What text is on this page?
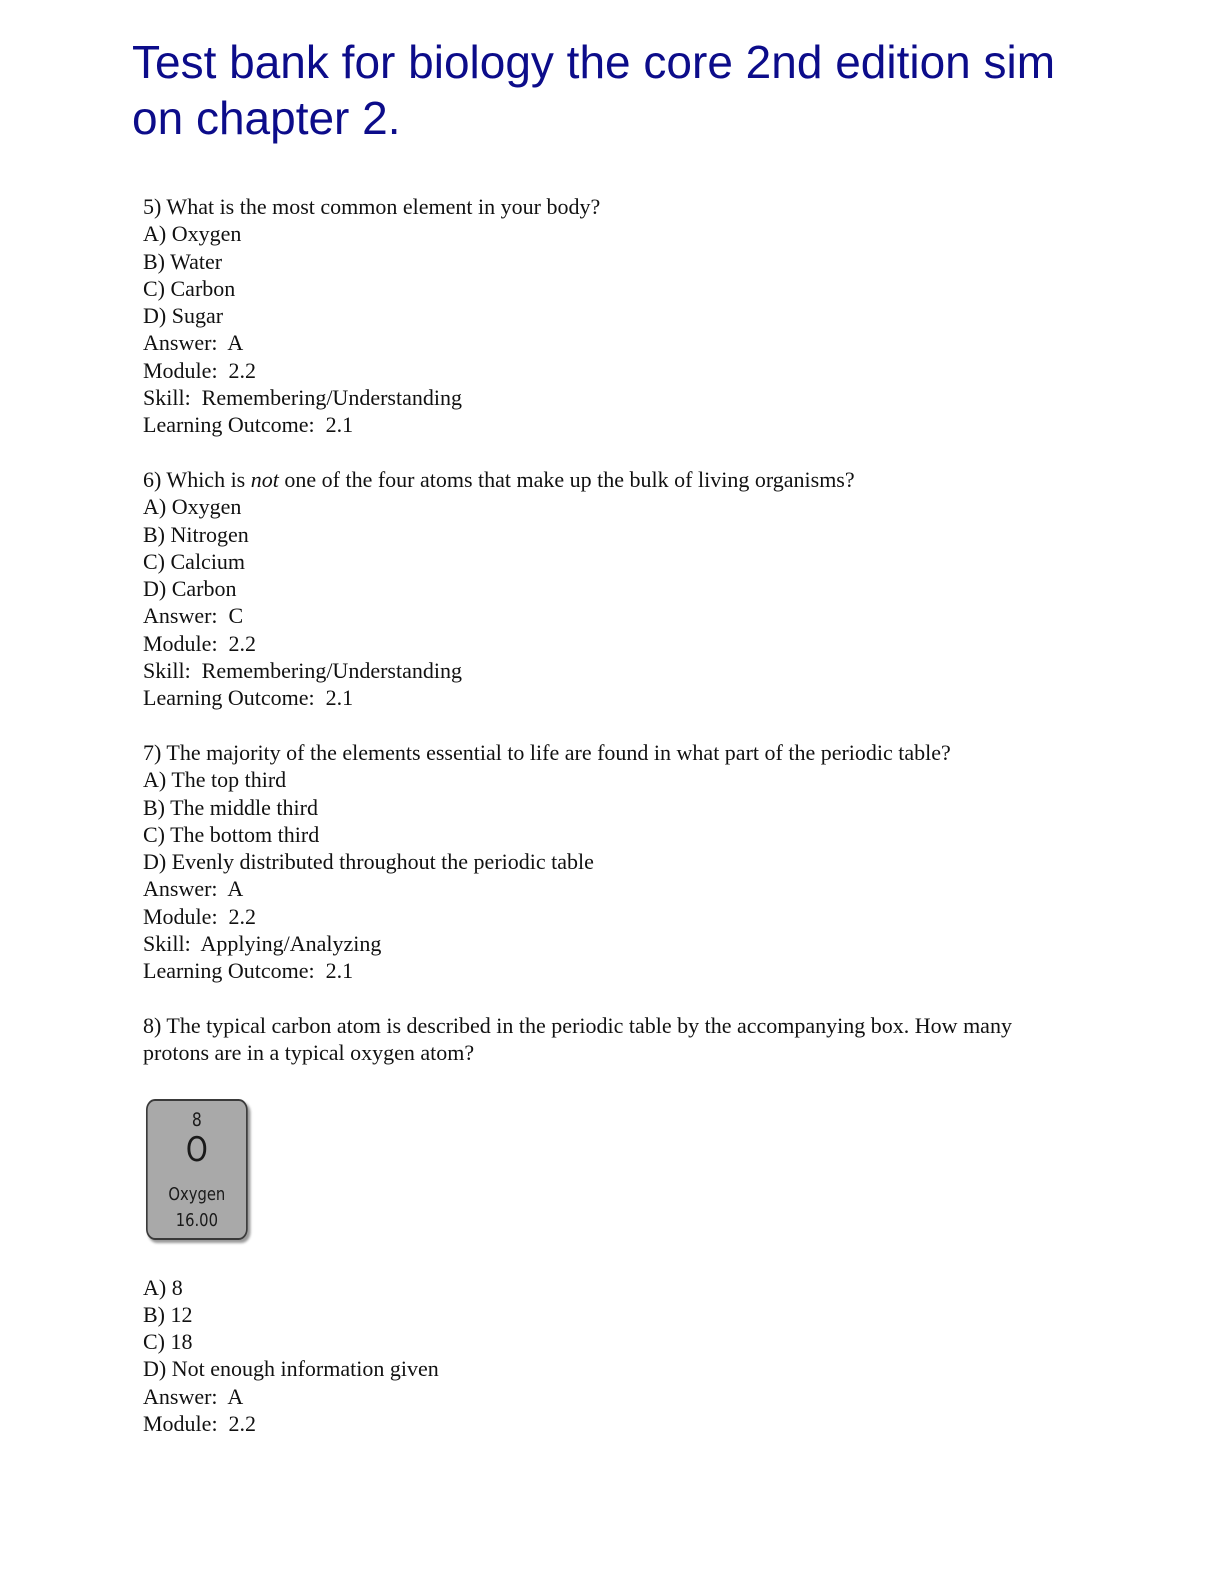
Test bank for biology the core 2nd edition simon chapter 2.
5) What is the most common element in your body?
A) Oxygen
B) Water
C) Carbon
D) Sugar
Answer:  A
Module:  2.2
Skill:  Remembering/Understanding
Learning Outcome:  2.1
6) Which is not one of the four atoms that make up the bulk of living organisms?
A) Oxygen
B) Nitrogen
C) Calcium
D) Carbon
Answer:  C
Module:  2.2
Skill:  Remembering/Understanding
Learning Outcome:  2.1
7) The majority of the elements essential to life are found in what part of the periodic table?
A) The top third
B) The middle third
C) The bottom third
D) Evenly distributed throughout the periodic table
Answer:  A
Module:  2.2
Skill:  Applying/Analyzing
Learning Outcome:  2.1
8) The typical carbon atom is described in the periodic table by the accompanying box. How many protons are in a typical oxygen atom?
8
O
Oxygen
16.00
A) 8
B) 12
C) 18
D) Not enough information given
Answer:  A
Module:  2.2
